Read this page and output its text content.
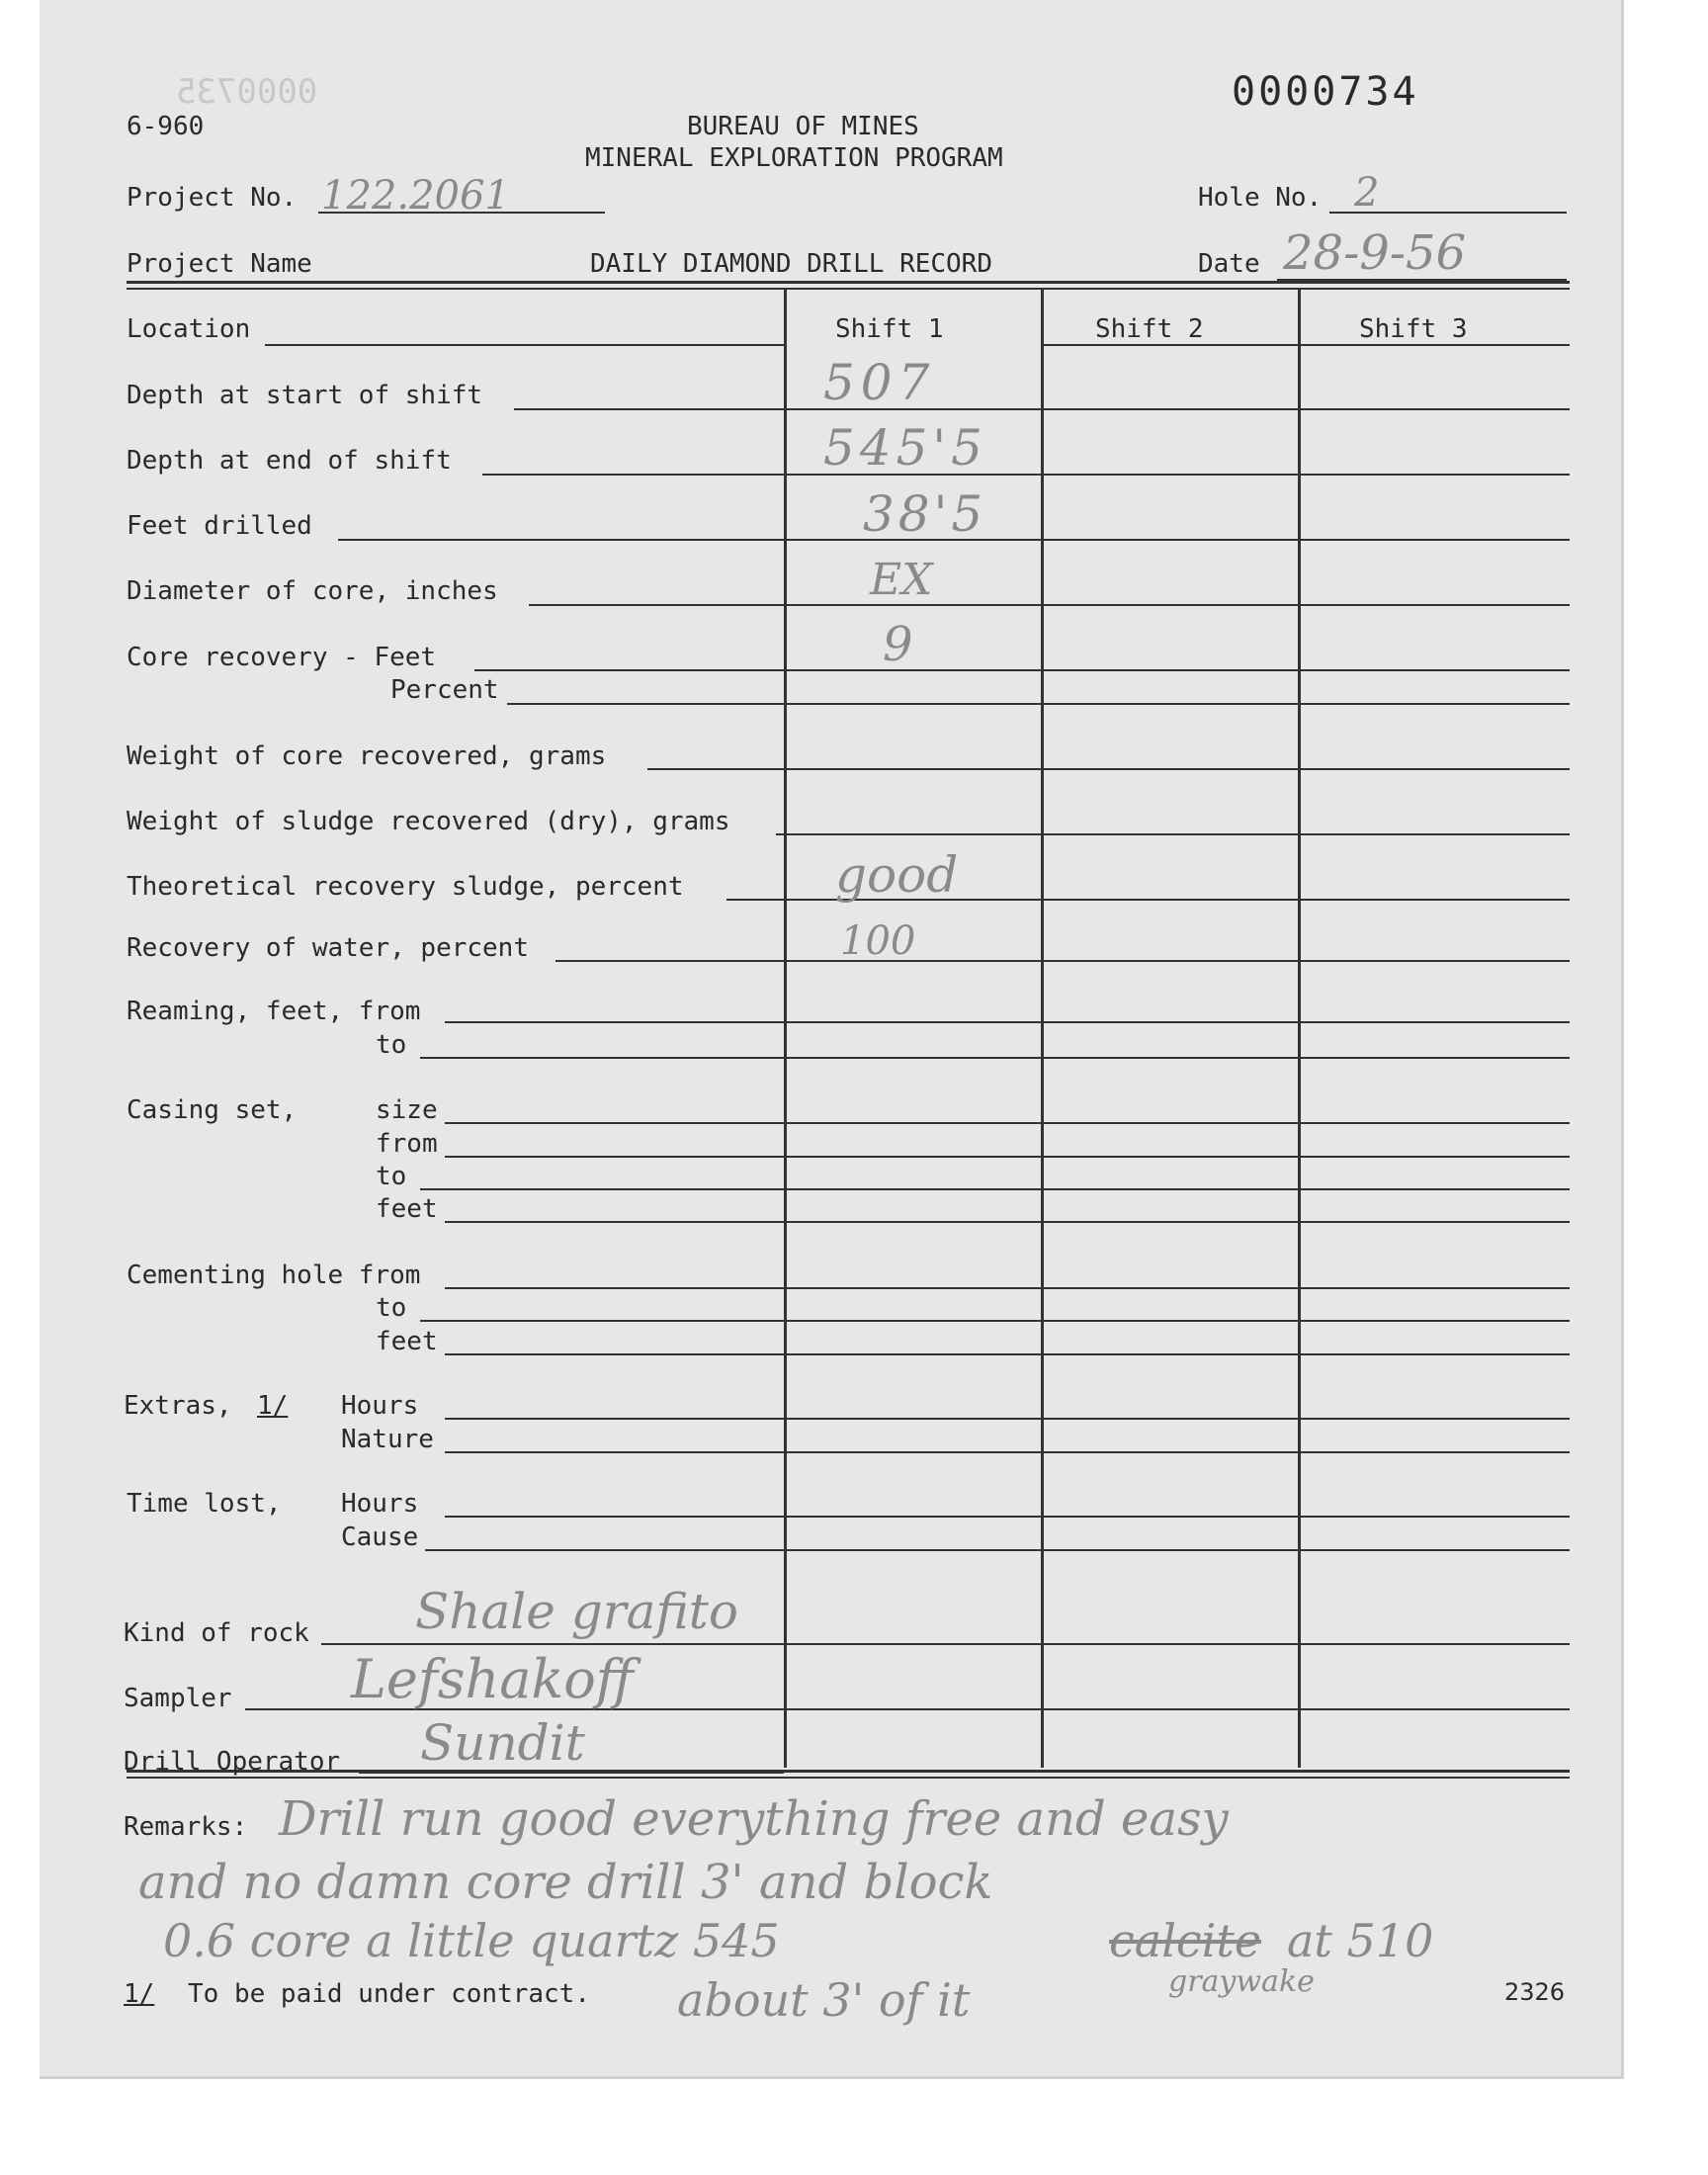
6-960
0000735	0000734
BUREAU OF MINES
MINERAL EXPLORATION PROGRAM
Project No. 122.2061	Hole No. 2
Project Name	DAILY DIAMOND DRILL RECORD	Date 28-9-56
Shift 1	Shift 2	Shift 3
Location
Depth at start of shift	507
Depth at end of shift	545'5
Feet drilled	38'5
Diameter of core, inches	EX
Core recovery - Feet	9
Percent
Weight of core recovered, grams
Weight of sludge recovered (dry), grams
Theoretical recovery sludge, percent	good
Recovery of water, percent	100
Reaming, feet, from
to
Casing set,	size
from
to
feet
Cementing hole from
to
feet
Extras, 1/ Hours
Nature
Time lost, Hours
Cause
Kind of rock Shale grafito
Sampler Lefshakoff
Drill Operator Sundit
Remarks: Drill run good everything free and easy
and no damn core drill 3' and block
0.6 core a little quartz 545	calcite at 510
about 3' of it	graywake
1/ To be paid under contract.	2326
